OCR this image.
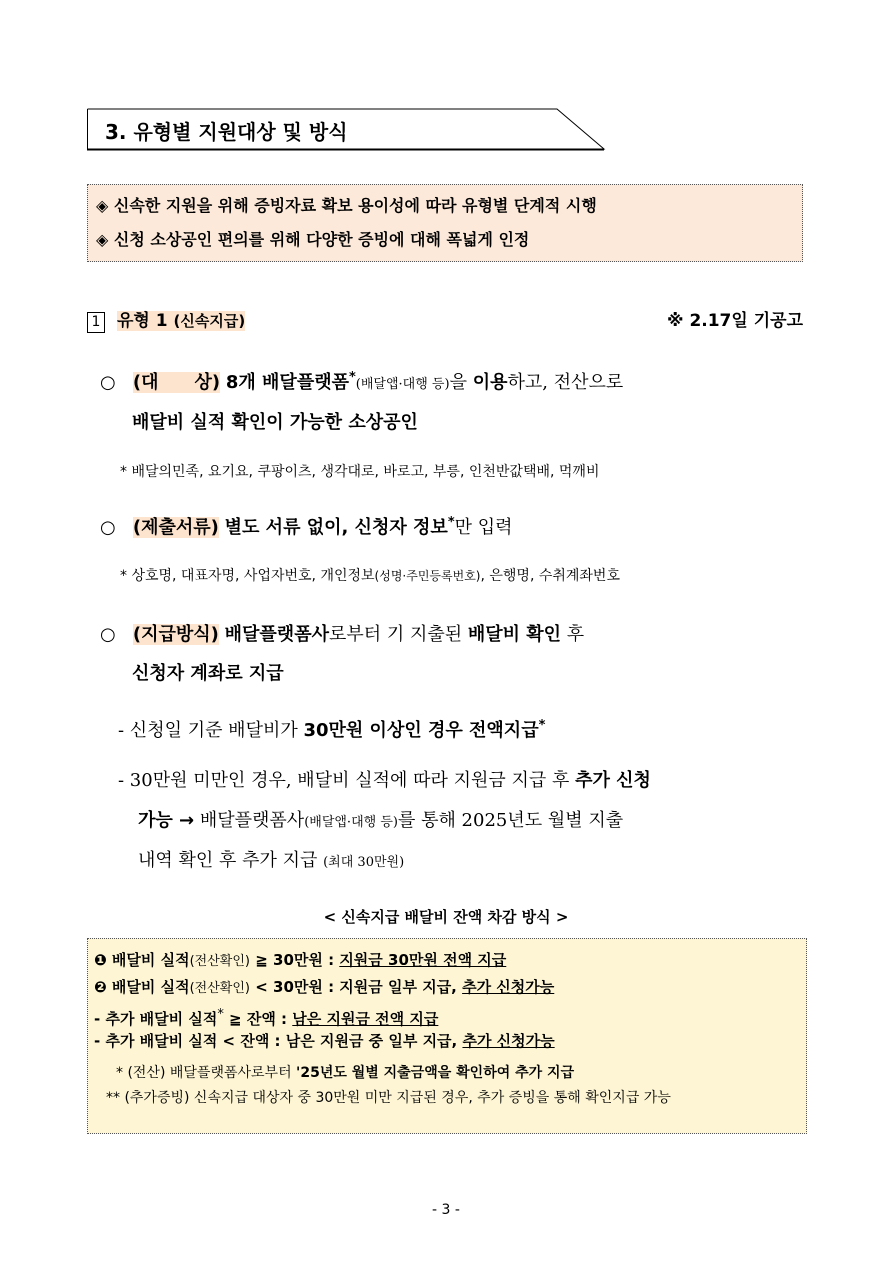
3. 유형별 지원대상 및 방식
◈ 신속한 지원을 위해 증빙자료 확보 용이성에 따라 유형별 단계적 시행
◈ 신청 소상공인 편의를 위해 다양한 증빙에 대해 폭넓게 인정
1 유형 1 (신속지급)	※ 2.17일 기공고
○ (대　　상) 8개 배달플랫폼*(배달앱·대행 등)을 이용하고, 전산으로
배달비 실적 확인이 가능한 소상공인
* 배달의민족, 요기요, 쿠팡이츠, 생각대로, 바로고, 부릉, 인천반값택배, 먹깨비
○ (제출서류) 별도 서류 없이, 신청자 정보*만 입력
* 상호명, 대표자명, 사업자번호, 개인정보(성명·주민등록번호), 은행명, 수취계좌번호
○ (지급방식) 배달플랫폼사로부터 기 지출된 배달비 확인 후
신청자 계좌로 지급
- 신청일 기준 배달비가 30만원 이상인 경우 전액지급*
- 30만원 미만인 경우, 배달비 실적에 따라 지원금 지급 후 추가 신청
가능 → 배달플랫폼사(배달앱·대행 등)를 통해 2025년도 월별 지출
내역 확인 후 추가 지급 (최대 30만원)
< 신속지급 배달비 잔액 차감 방식 >
❶ 배달비 실적(전산확인) ≧ 30만원 : 지원금 30만원 전액 지급
❷ 배달비 실적(전산확인) < 30만원 : 지원금 일부 지급, 추가 신청가능
- 추가 배달비 실적* ≧ 잔액 : 남은 지원금 전액 지급
- 추가 배달비 실적 < 잔액 : 남은 지원금 중 일부 지급, 추가 신청가능
* (전산) 배달플랫폼사로부터 '25년도 월별 지출금액을 확인하여 추가 지급
** (추가증빙) 신속지급 대상자 중 30만원 미만 지급된 경우, 추가 증빙을 통해 확인지급 가능
- 3 -
